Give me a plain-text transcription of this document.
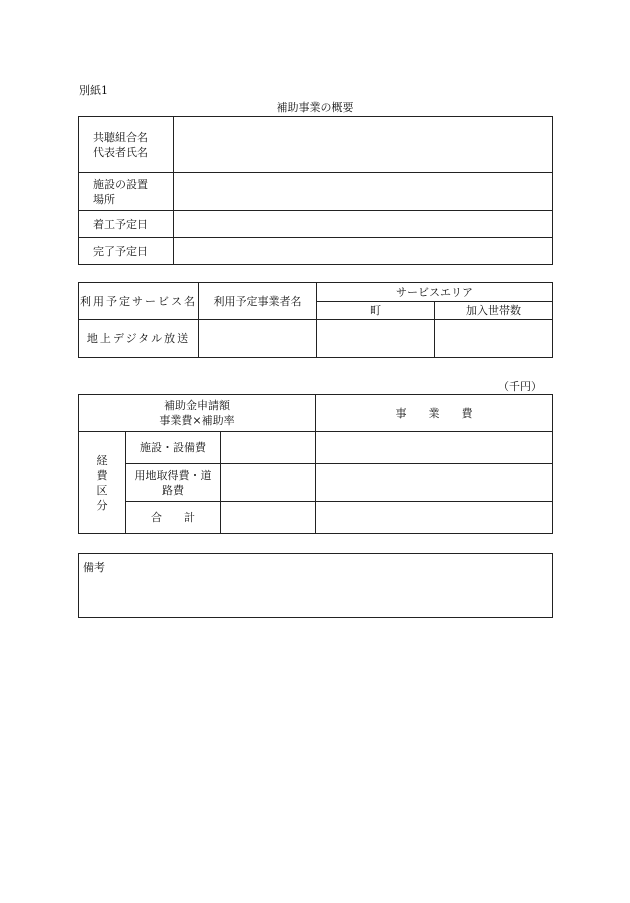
別紙1
補助事業の概要
共聴組合名
代表者氏名	

施設の設置
場所	

着工予定日	

完了予定日	

利用予定サービス名	利用予定事業者名	サービスエリア	
		町	加入世帯数
地上デジタル放送			
（千円）
補助金申請額
事業費×補助率			事　　業　　費
経費区分	施設・設備費		

	用地取得費・道
路費		

	合　　計		
備考
